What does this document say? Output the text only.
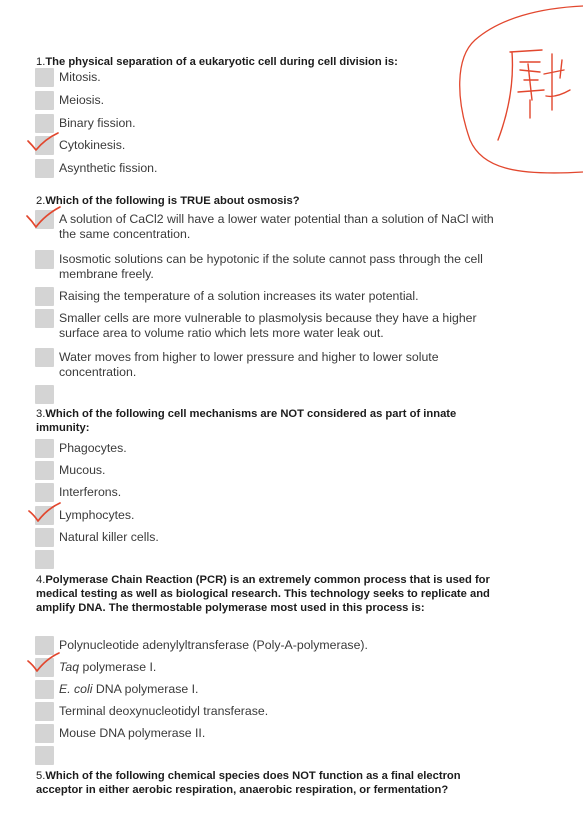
1.The physical separation of a eukaryotic cell during cell division is:
Mitosis.
Meiosis.
Binary fission.
Cytokinesis.
Asynthetic fission.
2.Which of the following is TRUE about osmosis?
A solution of CaCl2 will have a lower water potential than a solution of NaCl with the same concentration.
Isosmotic solutions can be hypotonic if the solute cannot pass through the cell membrane freely.
Raising the temperature of a solution increases its water potential.
Smaller cells are more vulnerable to plasmolysis because they have a higher surface area to volume ratio which lets more water leak out.
Water moves from higher to lower pressure and higher to lower solute concentration.
3.Which of the following cell mechanisms are NOT considered as part of innate immunity:
Phagocytes.
Mucous.
Interferons.
Lymphocytes.
Natural killer cells.
4.Polymerase Chain Reaction (PCR) is an extremely common process that is used for medical testing as well as biological research. This technology seeks to replicate and amplify DNA. The thermostable polymerase most used in this process is:
Polynucleotide adenylyltransferase (Poly-A-polymerase).
Taq polymerase I.
E. coli DNA polymerase I.
Terminal deoxynucleotidyl transferase.
Mouse DNA polymerase II.
5.Which of the following chemical species does NOT function as a final electron acceptor in either aerobic respiration, anaerobic respiration, or fermentation?
